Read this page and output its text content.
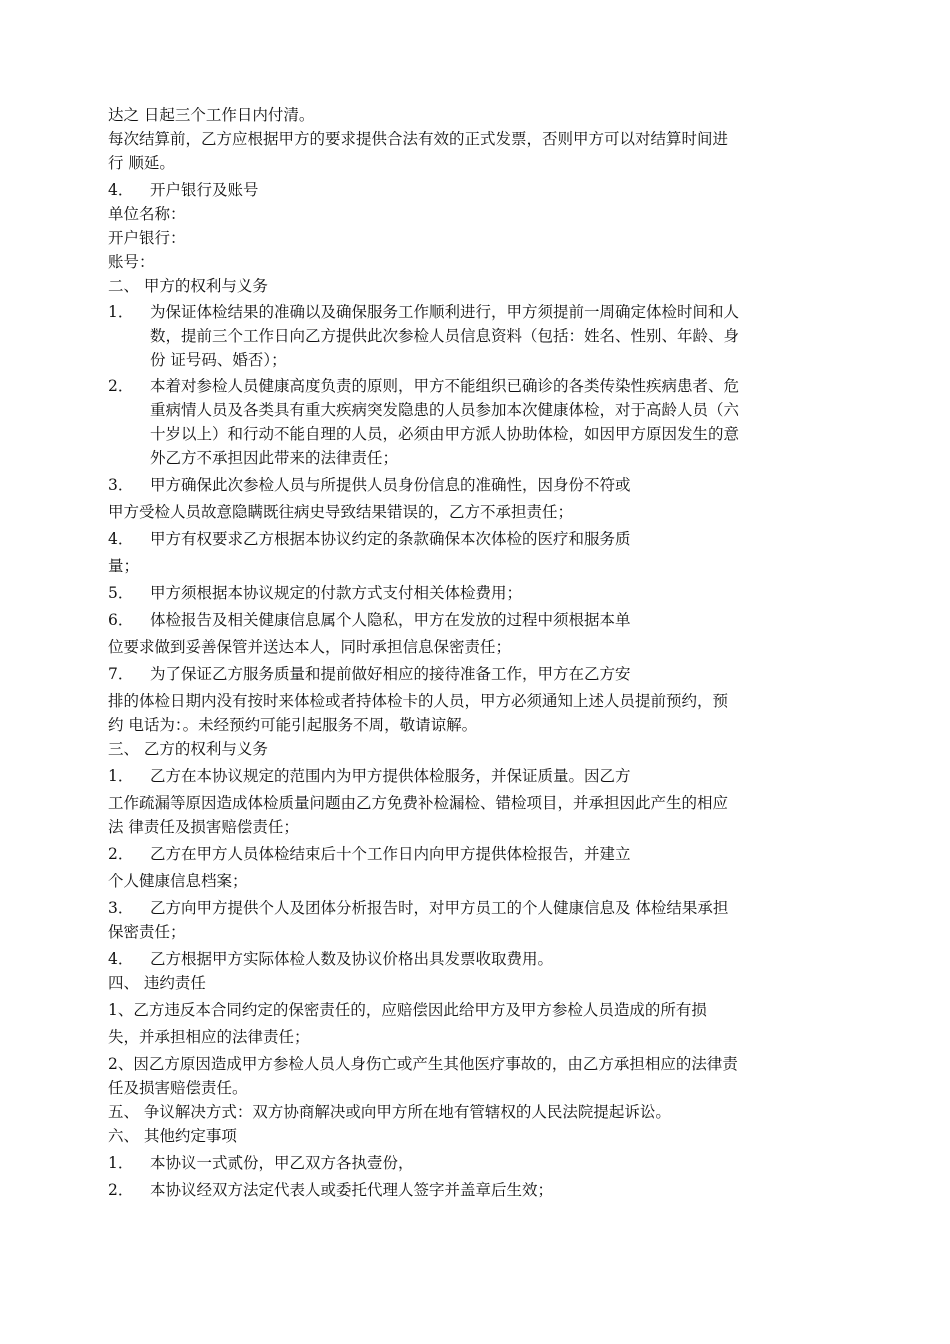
达之 日起三个工作日内付清。
每次结算前，乙方应根据甲方的要求提供合法有效的正式发票，否则甲方可以对结算时间进
行 顺延。
4．	开户银行及账号
单位名称：
开户银行：
账号：
二、 甲方的权利与义务
1．	为保证体检结果的准确以及确保服务工作顺利进行，甲方须提前一周确定体检时间和人
数，提前三个工作日向乙方提供此次参检人员信息资料（包括：姓名、性别、年龄、身
份 证号码、婚否）；
2．	本着对参检人员健康高度负责的原则，甲方不能组织已确诊的各类传染性疾病患者、危
重病情人员及各类具有重大疾病突发隐患的人员参加本次健康体检，对于高龄人员（六
十岁以上）和行动不能自理的人员，必须由甲方派人协助体检，如因甲方原因发生的意
外乙方不承担因此带来的法律责任；
3．	甲方确保此次参检人员与所提供人员身份信息的准确性，因身份不符或
甲方受检人员故意隐瞒既往病史导致结果错误的，乙方不承担责任；
4．	甲方有权要求乙方根据本协议约定的条款确保本次体检的医疗和服务质
量；
5．	甲方须根据本协议规定的付款方式支付相关体检费用；
6．	体检报告及相关健康信息属个人隐私，甲方在发放的过程中须根据本单
位要求做到妥善保管并送达本人，同时承担信息保密责任；
7．	为了保证乙方服务质量和提前做好相应的接待准备工作，甲方在乙方安
排的体检日期内没有按时来体检或者持体检卡的人员，甲方必须通知上述人员提前预约，预
约 电话为：。未经预约可能引起服务不周，敬请谅解。
三、 乙方的权利与义务
1．	乙方在本协议规定的范围内为甲方提供体检服务，并保证质量。因乙方
工作疏漏等原因造成体检质量问题由乙方免费补检漏检、错检项目，并承担因此产生的相应
法 律责任及损害赔偿责任；
2．	乙方在甲方人员体检结束后十个工作日内向甲方提供体检报告，并建立
个人健康信息档案；
3．	乙方向甲方提供个人及团体分析报告时，对甲方员工的个人健康信息及 体检结果承担
保密责任；
4．	乙方根据甲方实际体检人数及协议价格出具发票收取费用。
四、 违约责任
1、乙方违反本合同约定的保密责任的，应赔偿因此给甲方及甲方参检人员造成的所有损
失，并承担相应的法律责任；
2、因乙方原因造成甲方参检人员人身伤亡或产生其他医疗事故的，由乙方承担相应的法律责
任及损害赔偿责任。
五、 争议解决方式：双方协商解决或向甲方所在地有管辖权的人民法院提起诉讼。
六、 其他约定事项
1．	本协议一式贰份，甲乙双方各执壹份，
2．	本协议经双方法定代表人或委托代理人签字并盖章后生效；
